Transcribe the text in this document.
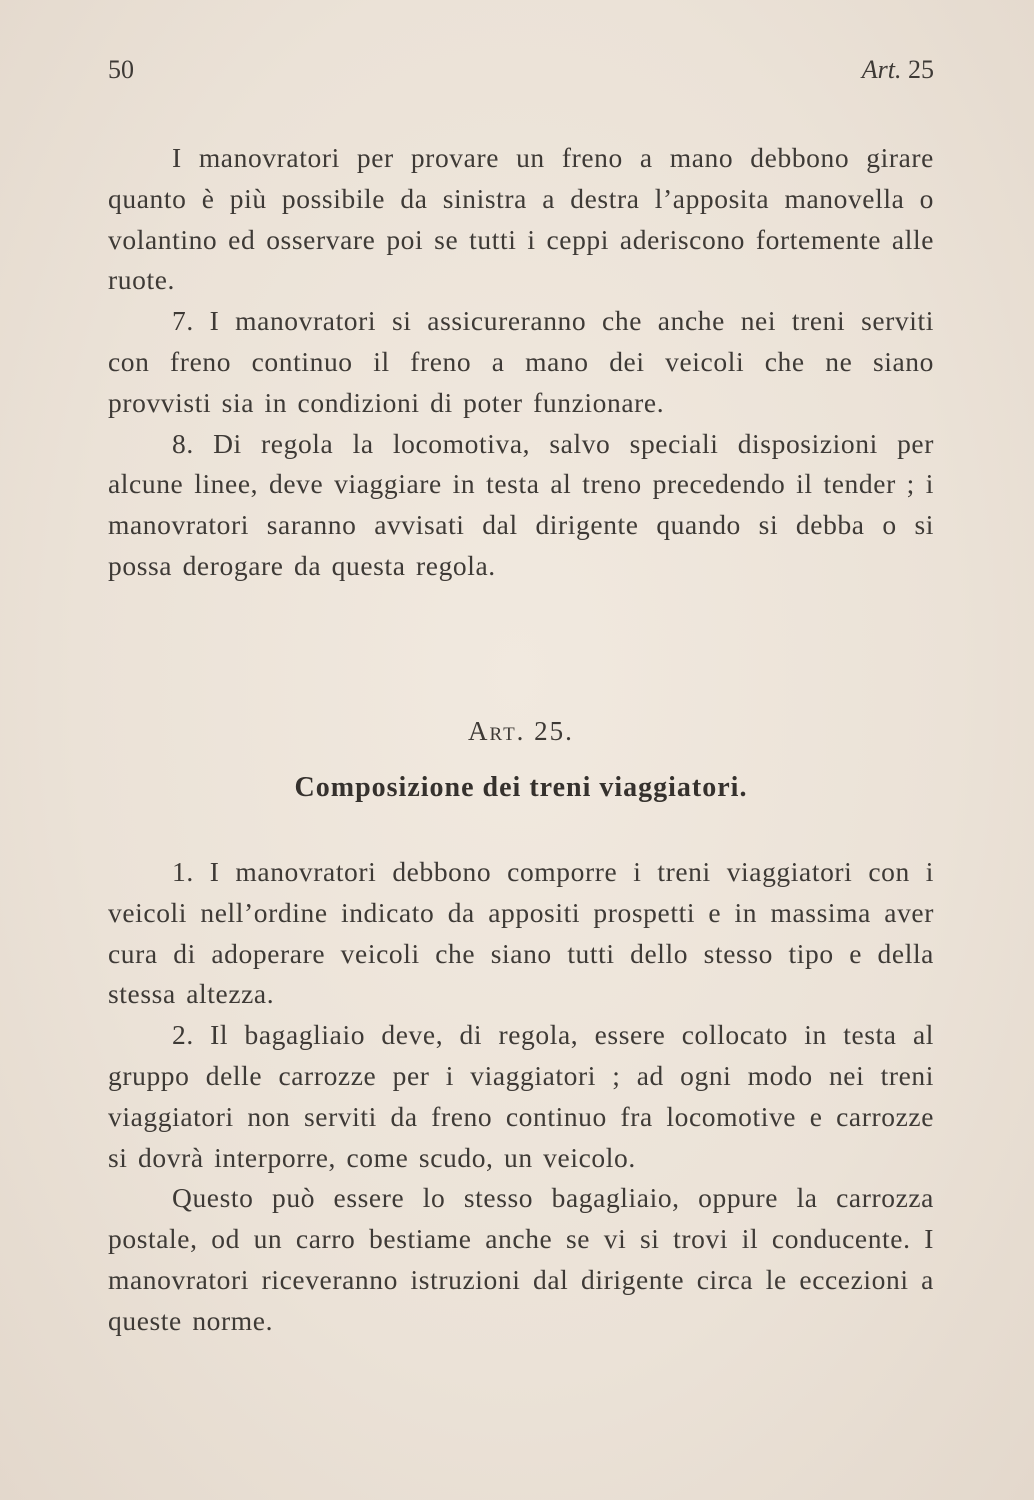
50	Art. 25

I manovratori per provare un freno a mano debbono girare quanto è più possibile da sinistra a destra l’apposita manovella o volantino ed osservare poi se tutti i ceppi aderiscono fortemente alle ruote.

7. I manovratori si assicureranno che anche nei treni serviti con freno continuo il freno a mano dei veicoli che ne siano provvisti sia in condizioni di poter funzionare.

8. Di regola la locomotiva, salvo speciali disposizioni per alcune linee, deve viaggiare in testa al treno precedendo il tender ; i manovratori saranno avvisati dal dirigente quando si debba o si possa derogare da questa regola.

Art. 25.
Composizione dei treni viaggiatori.

1. I manovratori debbono comporre i treni viaggiatori con i veicoli nell’ordine indicato da appositi prospetti e in massima aver cura di adoperare veicoli che siano tutti dello stesso tipo e della stessa altezza.

2. Il bagagliaio deve, di regola, essere collocato in testa al gruppo delle carrozze per i viaggiatori ; ad ogni modo nei treni viaggiatori non serviti da freno continuo fra locomotive e carrozze si dovrà interporre, come scudo, un veicolo.

Questo può essere lo stesso bagagliaio, oppure la carrozza postale, od un carro bestiame anche se vi si trovi il conducente. I manovratori riceveranno istruzioni dal dirigente circa le eccezioni a queste norme.
